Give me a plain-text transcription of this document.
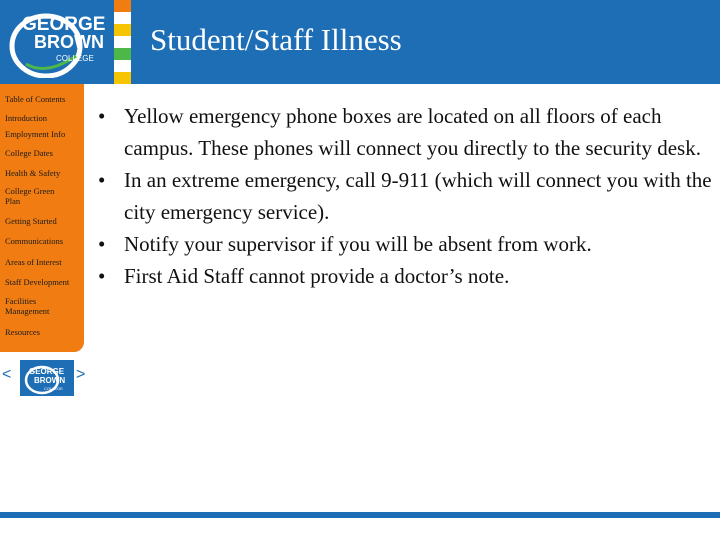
GEORGE
BROWN
COLLEGE
Student/Staff Illness
Table of Contents
Introduction
Employment Info
College Dates
Health & Safety
College Green Plan
Getting Started
Communications
Areas of Interest
Staff Development
Facilities Management
Resources
< GEORGE
BROWN
COLLEGE
>

• Yellow emergency phone boxes are located on all floors of each campus. These phones will connect you directly to the security desk.

• In an extreme emergency, call 9-911 (which will connect you with the city emergency service).

• Notify your supervisor if you will be absent from work.

• First Aid Staff cannot provide a doctor’s note.
